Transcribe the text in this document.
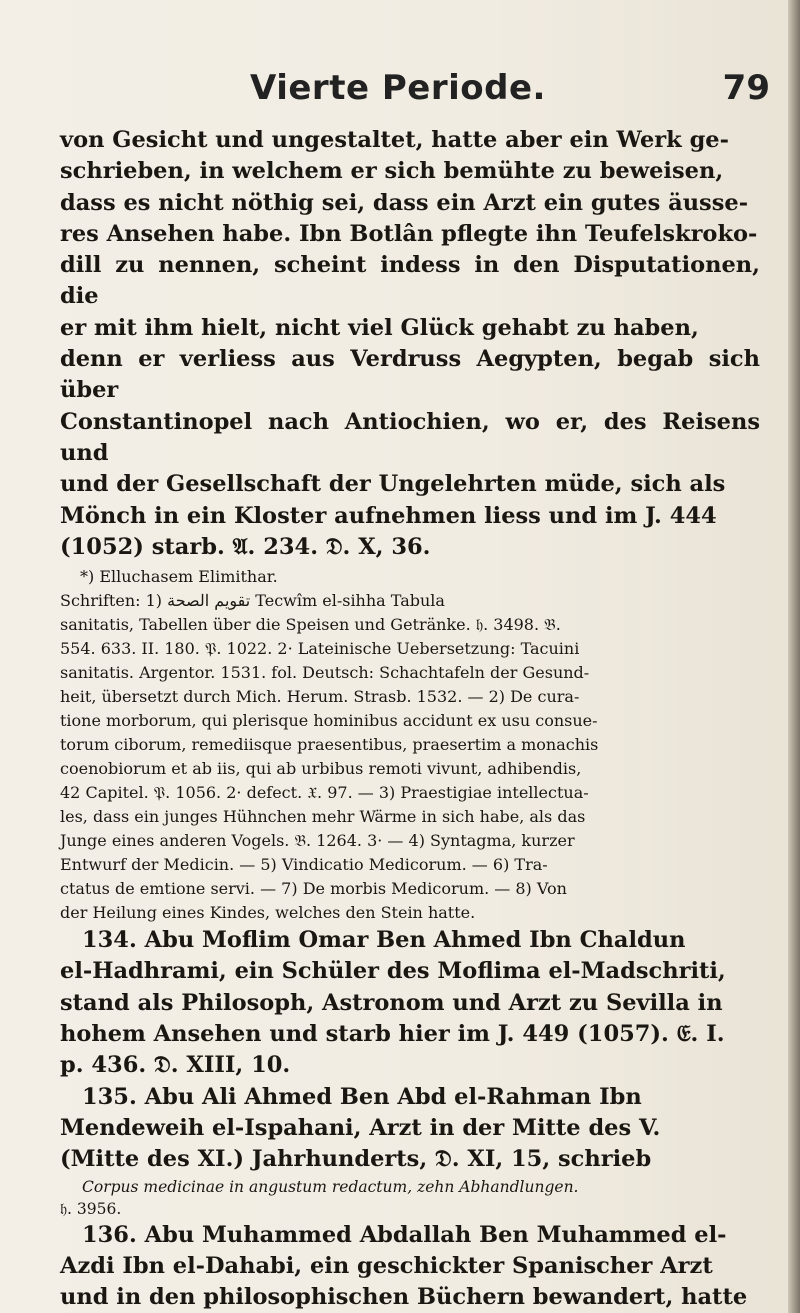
Vierte Periode.	79
von Gesicht und ungestaltet, hatte aber ein Werk ge-
schrieben, in welchem er sich bemühte zu beweisen,
dass es nicht nöthig sei, dass ein Arzt ein gutes äusse-
res Ansehen habe. Ibn Botlân pflegte ihn Teufelskroko-
dill zu nennen, scheint indess in den Disputationen, die
er mit ihm hielt, nicht viel Glück gehabt zu haben,
denn er verliess aus Verdruss Aegypten, begab sich über
Constantinopel nach Antiochien, wo er, des Reisens und
und der Gesellschaft der Ungelehrten müde, sich als
Mönch in ein Kloster aufnehmen liess und im J. 444
(1052) starb. 𝔄. 234. 𝔇. X, 36.

*) Elluchasem Elimithar.

Schriften: 1) تقويم الصحة Tecwîm el-sihha Tabula
sanitatis, Tabellen über die Speisen und Getränke. 𝔥. 3498. 𝔅.
554. 633. II. 180. 𝔓. 1022. 2· Lateinische Uebersetzung: Tacuini
sanitatis. Argentor. 1531. fol. Deutsch: Schachtafeln der Gesund-
heit, übersetzt durch Mich. Herum. Strasb. 1532. — 2) De cura-
tione morborum, qui plerisque hominibus accidunt ex usu consue-
torum ciborum, remediisque praesentibus, praesertim a monachis
coenobiorum et ab iis, qui ab urbibus remoti vivunt, adhibendis,
42 Capitel. 𝔓. 1056. 2· defect. 𝔛. 97. — 3) Praestigiae intellectua-
les, dass ein junges Hühnchen mehr Wärme in sich habe, als das
Junge eines anderen Vogels. 𝔅. 1264. 3· — 4) Syntagma, kurzer
Entwurf der Medicin. — 5) Vindicatio Medicorum. — 6) Tra-
ctatus de emtione servi. — 7) De morbis Medicorum. — 8) Von
der Heilung eines Kindes, welches den Stein hatte.
134. Abu Moflim Omar Ben Ahmed Ibn Chaldun
el-Hadhrami, ein Schüler des Moflima el-Madschriti,
stand als Philosoph, Astronom und Arzt zu Sevilla in
hohem Ansehen und starb hier im J. 449 (1057). 𝔈. I.
p. 436. 𝔇. XIII, 10.
135. Abu Ali Ahmed Ben Abd el-Rahman Ibn
Mendeweih el-Ispahani, Arzt in der Mitte des V.
(Mitte des XI.) Jahrhunderts, 𝔇. XI, 15, schrieb

Corpus medicinae in angustum redactum, zehn Abhandlungen.
𝔥. 3956.

136. Abu Muhammed Abdallah Ben Muhammed el-
Azdi Ibn el-Dahabi, ein geschickter Spanischer Arzt
und in den philosophischen Büchern bewandert, hatte
